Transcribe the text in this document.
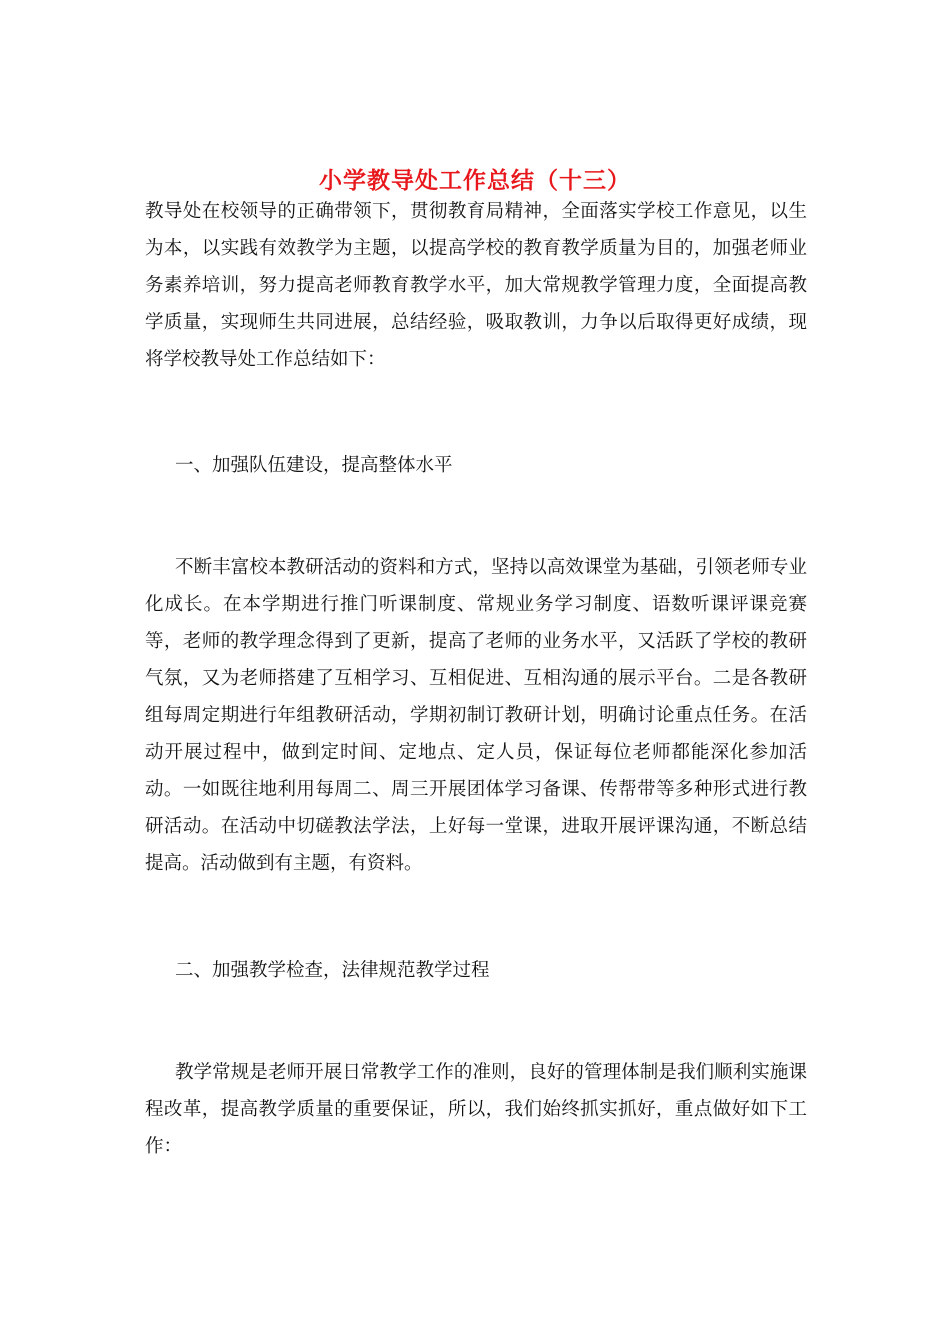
小学教导处工作总结（十三）

教导处在校领导的正确带领下，贯彻教育局精神，全面落实学校工作意见，以生为本，以实践有效教学为主题，以提高学校的教育教学质量为目的，加强老师业务素养培训，努力提高老师教育教学水平，加大常规教学管理力度，全面提高教学质量，实现师生共同进展，总结经验，吸取教训，力争以后取得更好成绩，现将学校教导处工作总结如下：

一、加强队伍建设，提高整体水平

不断丰富校本教研活动的资料和方式，坚持以高效课堂为基础，引领老师专业化成长。在本学期进行推门听课制度、常规业务学习制度、语数听课评课竞赛等，老师的教学理念得到了更新，提高了老师的业务水平，又活跃了学校的教研气氛，又为老师搭建了互相学习、互相促进、互相沟通的展示平台。二是各教研组每周定期进行年组教研活动，学期初制订教研计划，明确讨论重点任务。在活动开展过程中，做到定时间、定地点、定人员，保证每位老师都能深化参加活动。一如既往地利用每周二、周三开展团体学习备课、传帮带等多种形式进行教研活动。在活动中切磋教法学法，上好每一堂课，进取开展评课沟通，不断总结提高。活动做到有主题，有资料。

二、加强教学检查，法律规范教学过程

教学常规是老师开展日常教学工作的准则，良好的管理体制是我们顺利实施课程改革，提高教学质量的重要保证，所以，我们始终抓实抓好，重点做好如下工作：
